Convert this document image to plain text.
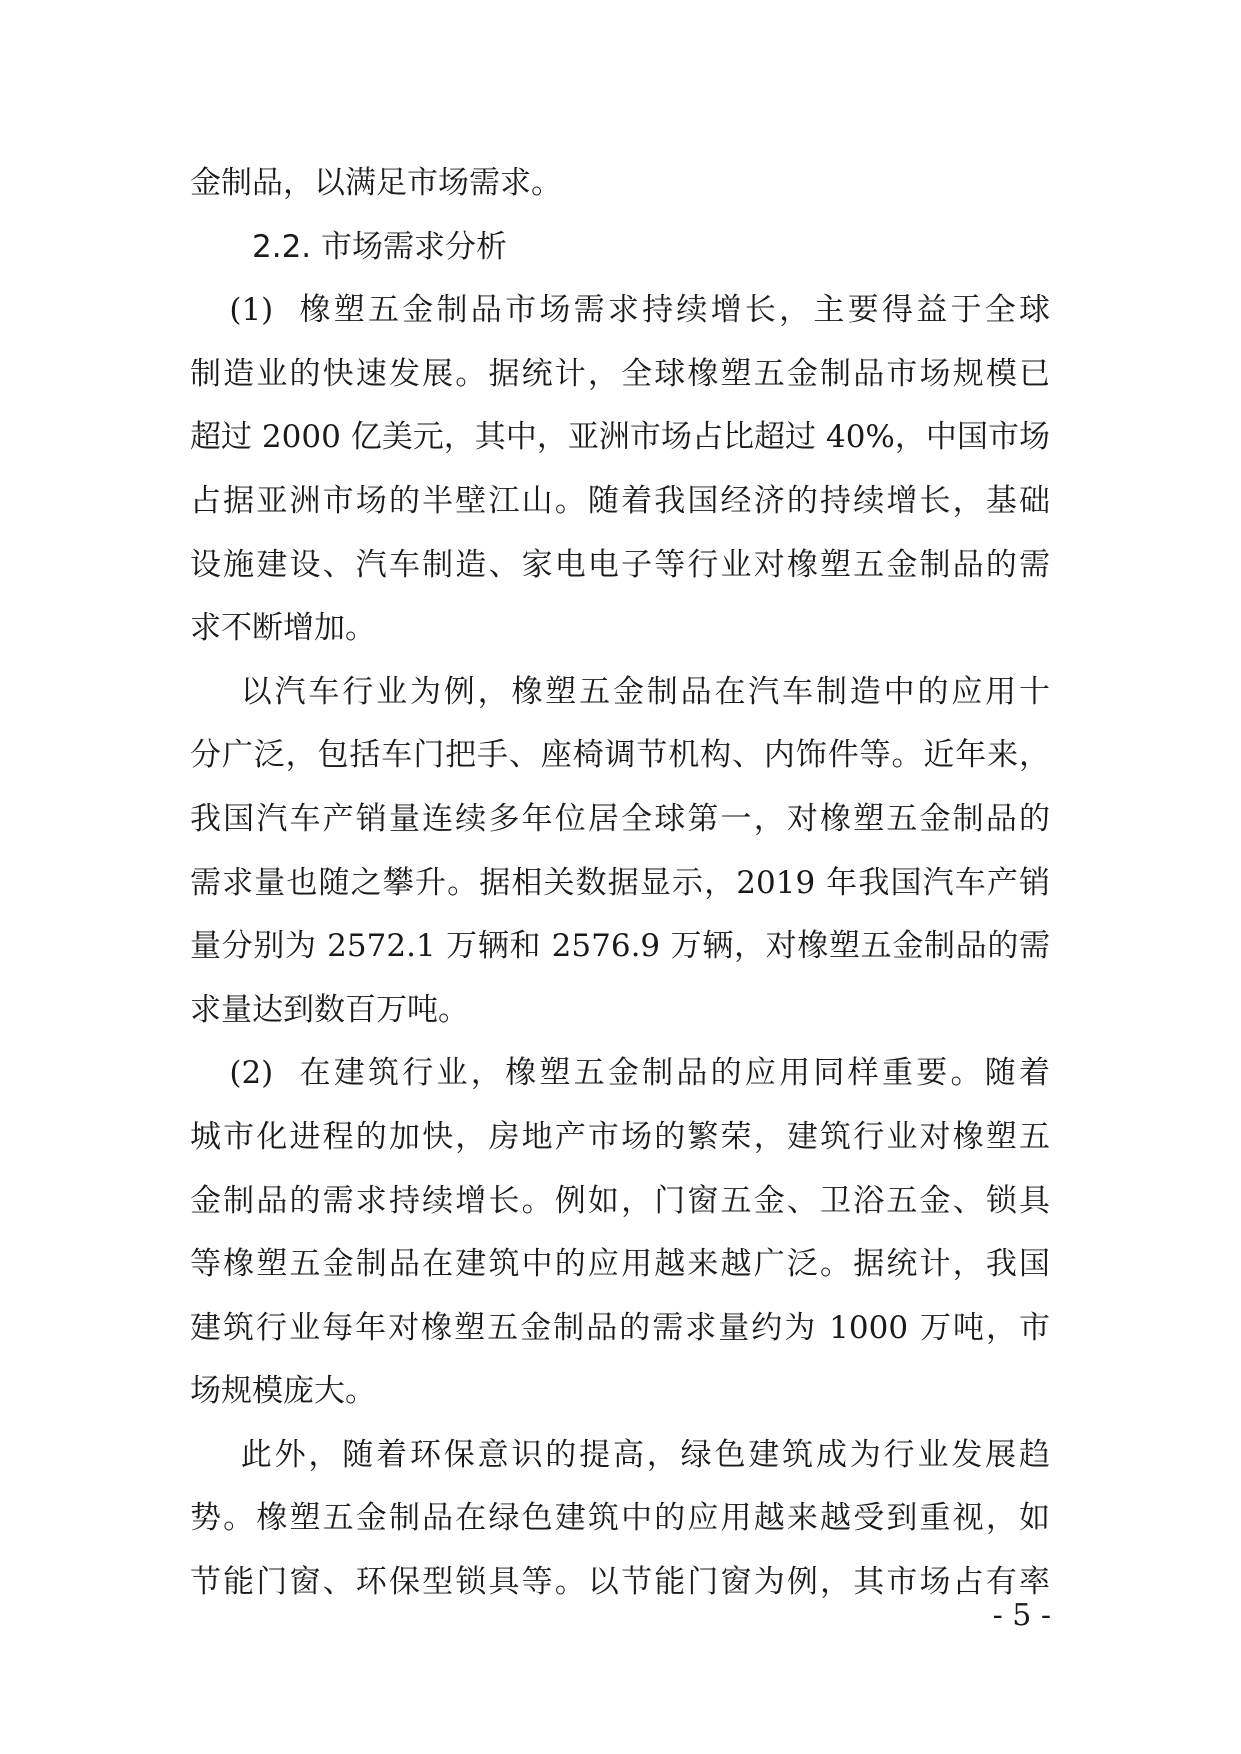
金制品，以满足市场需求。
2.2. 市场需求分析
(1)  橡塑五金制品市场需求持续增长，主要得益于全球
制造业的快速发展。据统计，全球橡塑五金制品市场规模已
超过 2000 亿美元，其中，亚洲市场占比超过 40%，中国市场
占据亚洲市场的半壁江山。随着我国经济的持续增长，基础
设施建设、汽车制造、家电电子等行业对橡塑五金制品的需
求不断增加。
以汽车行业为例，橡塑五金制品在汽车制造中的应用十
分广泛，包括车门把手、座椅调节机构、内饰件等。近年来，
我国汽车产销量连续多年位居全球第一，对橡塑五金制品的
需求量也随之攀升。据相关数据显示，2019 年我国汽车产销
量分别为 2572.1 万辆和 2576.9 万辆，对橡塑五金制品的需
求量达到数百万吨。
(2)  在建筑行业，橡塑五金制品的应用同样重要。随着
城市化进程的加快，房地产市场的繁荣，建筑行业对橡塑五
金制品的需求持续增长。例如，门窗五金、卫浴五金、锁具
等橡塑五金制品在建筑中的应用越来越广泛。据统计，我国
建筑行业每年对橡塑五金制品的需求量约为 1000 万吨，市
场规模庞大。
此外，随着环保意识的提高，绿色建筑成为行业发展趋
势。橡塑五金制品在绿色建筑中的应用越来越受到重视，如
节能门窗、环保型锁具等。以节能门窗为例，其市场占有率
- 5 -
